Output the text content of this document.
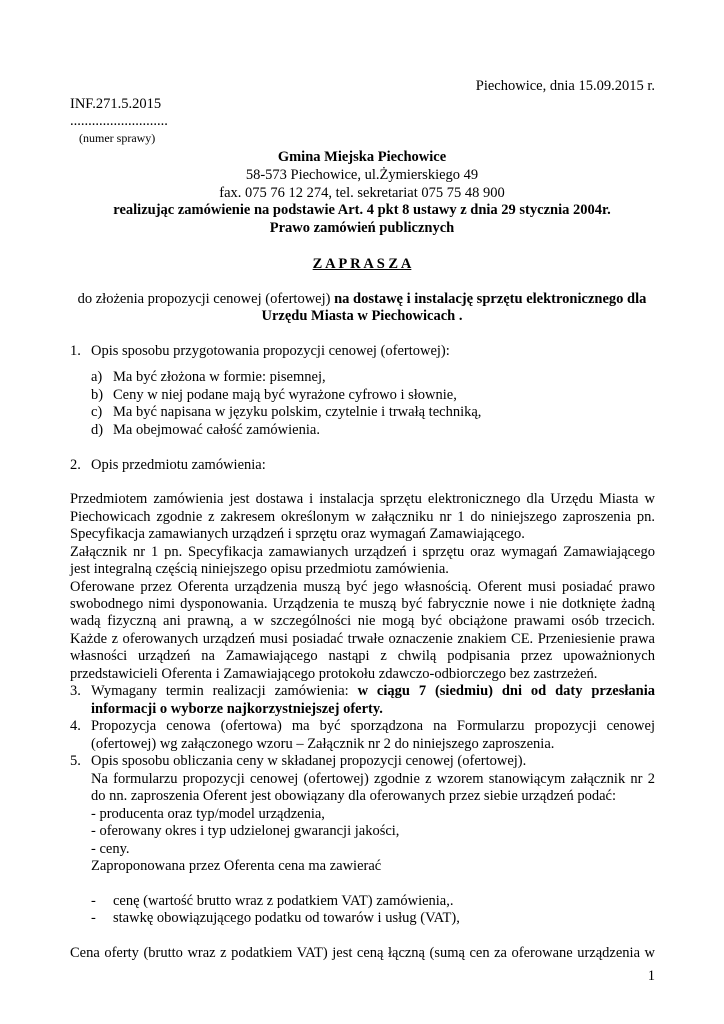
Piechowice, dnia 15.09.2015 r.
INF.271.5.2015
...........................
(numer sprawy)
Gmina Miejska Piechowice
58-573 Piechowice, ul.Żymierskiego 49
fax. 075 76 12 274, tel. sekretariat 075 75 48 900
realizując zamówienie na podstawie Art. 4 pkt 8 ustawy z dnia 29 stycznia 2004r.
Prawo zamówień publicznych
Z A P R A S Z A
do złożenia propozycji cenowej (ofertowej) na dostawę i instalację sprzętu elektronicznego dla
Urzędu Miasta w Piechowicach .
1. Opis sposobu przygotowania propozycji cenowej (ofertowej):
a) Ma być złożona w formie: pisemnej,
b) Ceny w niej podane mają być wyrażone cyfrowo i słownie,
c) Ma być napisana w języku polskim, czytelnie i trwałą techniką,
d) Ma obejmować całość zamówienia.
2. Opis przedmiotu zamówienia:
Przedmiotem zamówienia jest dostawa i instalacja sprzętu elektronicznego dla Urzędu Miasta w
Piechowicach zgodnie z zakresem określonym w załączniku nr 1 do niniejszego zaproszenia pn.
Specyfikacja zamawianych urządzeń i sprzętu oraz wymagań Zamawiającego.
Załącznik nr 1 pn. Specyfikacja zamawianych urządzeń i sprzętu oraz wymagań Zamawiającego
jest integralną częścią niniejszego opisu przedmiotu zamówienia.
Oferowane przez Oferenta urządzenia muszą być jego własnością. Oferent musi posiadać prawo
swobodnego nimi dysponowania. Urządzenia te muszą być fabrycznie nowe i nie dotknięte żadną
wadą fizyczną ani prawną, a w szczególności nie mogą być obciążone prawami osób trzecich.
Każde z oferowanych urządzeń musi posiadać trwałe oznaczenie znakiem CE. Przeniesienie prawa
własności urządzeń na Zamawiającego nastąpi z chwilą podpisania przez upoważnionych
przedstawicieli Oferenta i Zamawiającego protokołu zdawczo-odbiorczego bez zastrzeżeń.
3. Wymagany termin realizacji zamówienia: w ciągu 7 (siedmiu) dni od daty przesłania
informacji o wyborze najkorzystniejszej oferty.
4. Propozycja cenowa (ofertowa) ma być sporządzona na Formularzu propozycji cenowej
(ofertowej) wg załączonego wzoru – Załącznik nr 2 do niniejszego zaproszenia.
5. Opis sposobu obliczania ceny w składanej propozycji cenowej (ofertowej).
Na formularzu propozycji cenowej (ofertowej) zgodnie z wzorem stanowiącym załącznik nr 2
do nn. zaproszenia Oferent jest obowiązany dla oferowanych przez siebie urządzeń podać:
- producenta oraz typ/model urządzenia,
- oferowany okres i typ udzielonej gwarancji jakości,
- ceny.
Zaproponowana przez Oferenta cena ma zawierać
- cenę (wartość brutto wraz z podatkiem VAT) zamówienia,.
- stawkę obowiązującego podatku od towarów i usług (VAT),
Cena oferty (brutto wraz z podatkiem VAT) jest ceną łączną (sumą cen za oferowane urządzenia w
1
